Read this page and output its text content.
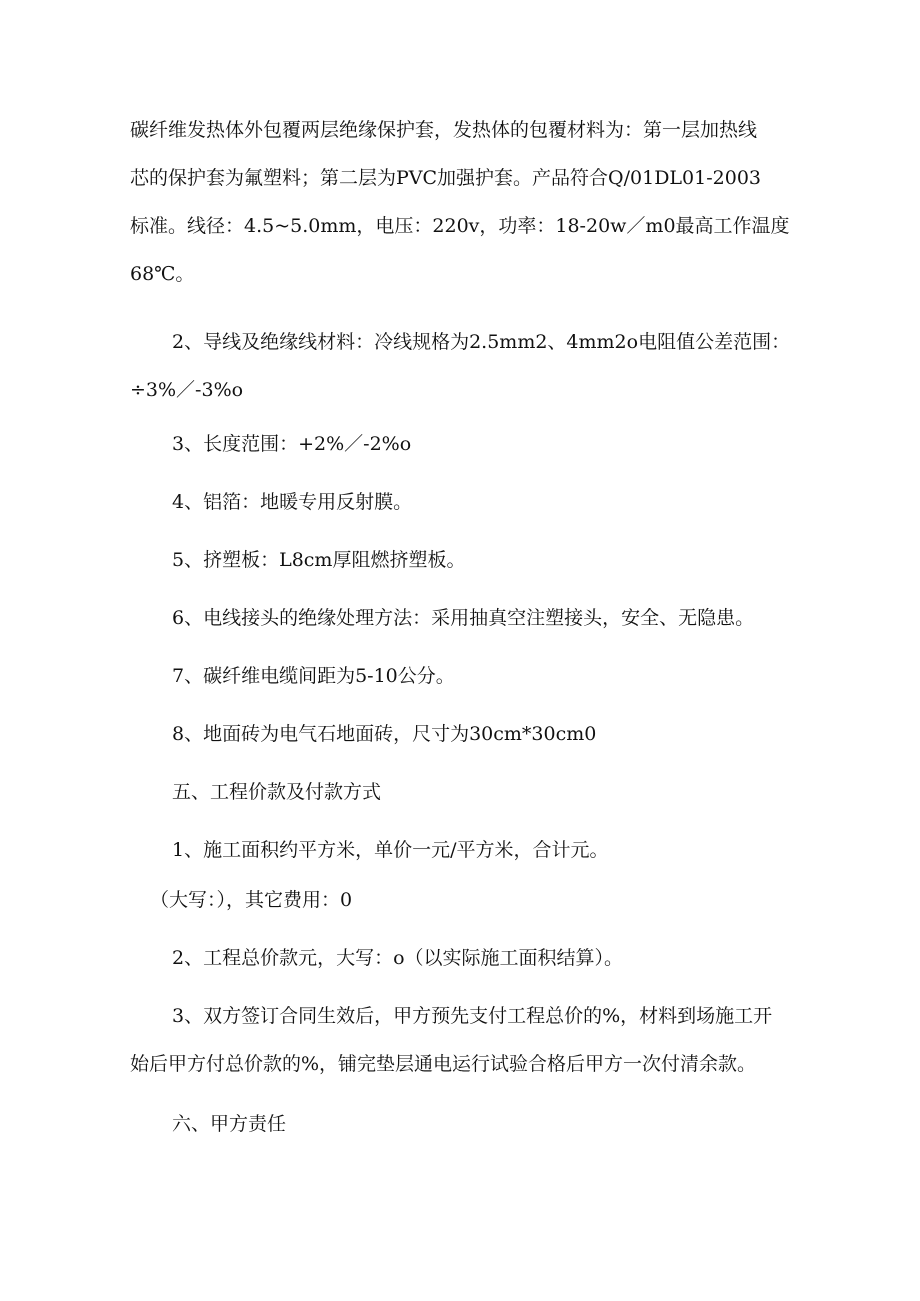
碳纤维发热体外包覆两层绝缘保护套，发热体的包覆材料为：第一层加热线
芯的保护套为氟塑料；第二层为PVC加强护套。产品符合Q/01DL01-2003
标准。线径：4.5~5.0mm，电压：220v，功率：18-20w／m0最高工作温度
68℃。
2、导线及绝缘线材料：冷线规格为2.5mm2、4mm2o电阻值公差范围：
÷3%／-3%o
3、长度范围：+2%／-2%o
4、铝箔：地暖专用反射膜。
5、挤塑板：L8cm厚阻燃挤塑板。
6、电线接头的绝缘处理方法：采用抽真空注塑接头，安全、无隐患。
7、碳纤维电缆间距为5-10公分。
8、地面砖为电气石地面砖，尺寸为30cm*30cm0
五、工程价款及付款方式
1、施工面积约平方米，单价一元/平方米，合计元。
（大写：），其它费用：0
2、工程总价款元，大写：o（以实际施工面积结算）。
3、双方签订合同生效后，甲方预先支付工程总价的%，材料到场施工开
始后甲方付总价款的%，铺完垫层通电运行试验合格后甲方一次付清余款。
六、甲方责任
